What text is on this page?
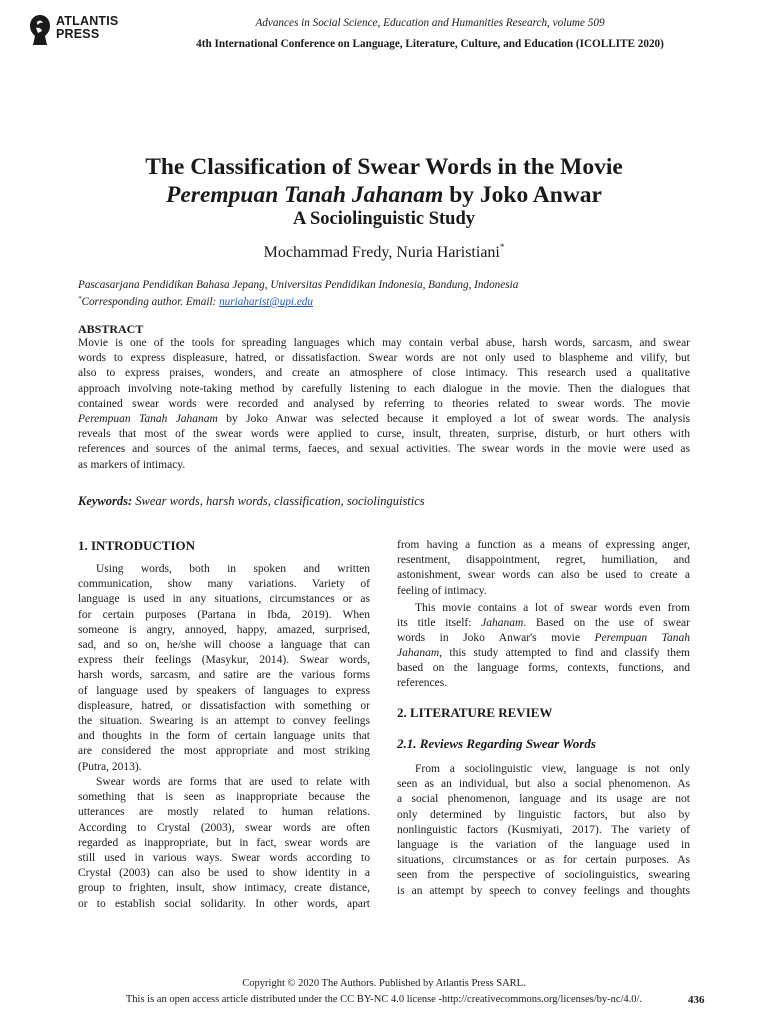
ATLANTIS
PRESS
Advances in Social Science, Education and Humanities Research, volume 509
4th International Conference on Language, Literature, Culture, and Education (ICOLLITE 2020)
The Classification of Swear Words in the Movie
Perempuan Tanah Jahanam by Joko Anwar
A Sociolinguistic Study
Mochammad Fredy, Nuria Haristiani*
Pascasarjana Pendidikan Bahasa Jepang, Universitas Pendidikan Indonesia, Bandung, Indonesia
*Corresponding author. Email: nuriaharist@upi.edu
ABSTRACT
Movie is one of the tools for spreading languages which may contain verbal abuse, harsh words, sarcasm, and swear
words to express displeasure, hatred, or dissatisfaction. Swear words are not only used to blaspheme and vilify, but
also to express praises, wonders, and create an atmosphere of close intimacy. This research used a qualitative
approach involving note-taking method by carefully listening to each dialogue in the movie. Then the dialogues that
contained swear words were recorded and analysed by referring to theories related to swear words. The movie
Perempuan Tanah Jahanam by Joko Anwar was selected because it employed a lot of swear words. The analysis
reveals that most of the swear words were applied to curse, insult, threaten, surprise, disturb, or hurt others with
references and sources of the animal terms, faeces, and sexual activities. The swear words in the movie were used as
as markers of intimacy.
Keywords: Swear words, harsh words, classification, sociolinguistics
1. INTRODUCTION
Using words, both in spoken and written
communication, show many variations. Variety of
language is used in any situations, circumstances or as
for certain purposes (Partana in Ibda, 2019). When
someone is angry, annoyed, happy, amazed, surprised,
sad, and so on, he/she will choose a language that can
express their feelings (Masykur, 2014). Swear words,
harsh words, sarcasm, and satire are the various forms
of language used by speakers of languages to express
displeasure, hatred, or dissatisfaction with something or
the situation. Swearing is an attempt to convey feelings
and thoughts in the form of certain language units that
are considered the most appropriate and most striking
(Putra, 2013).
Swear words are forms that are used to relate with
something that is seen as inappropriate because the
utterances are mostly related to human relations.
According to Crystal (2003), swear words are often
regarded as inappropriate, but in fact, swear words are
still used in various ways. Swear words according to
Crystal (2003) can also be used to show identity in a
group to frighten, insult, show intimacy, create distance,
or to establish social solidarity. In other words, apart
This movie contains a lot of swear words even from
its title itself: Jahanam. Based on the use of swear
words in Joko Anwar's movie Perempuan Tanah
Jahanam, this study attempted to find and classify them
based on the language forms, contexts, functions, and
references.
2. LITERATURE REVIEW
2.1. Reviews Regarding Swear Words
from having a function as a means of expressing anger,
resentment, disappointment, regret, humiliation, and
astonishment, swear words can also be used to create a
feeling of intimacy.
From a sociolinguistic view, language is not only
seen as an individual, but also a social phenomenon. As
a social phenomenon, language and its usage are not
only determined by linguistic factors, but also by
nonlinguistic factors (Kusmiyati, 2017). The variety of
language is the variation of the language used in
situations, circumstances or as for certain purposes. As
seen from the perspective of sociolinguistics, swearing
is an attempt by speech to convey feelings and thoughts
Copyright © 2020 The Authors. Published by Atlantis Press SARL.
This is an open access article distributed under the CC BY-NC 4.0 license -http://creativecommons.org/licenses/by-nc/4.0/.	436
